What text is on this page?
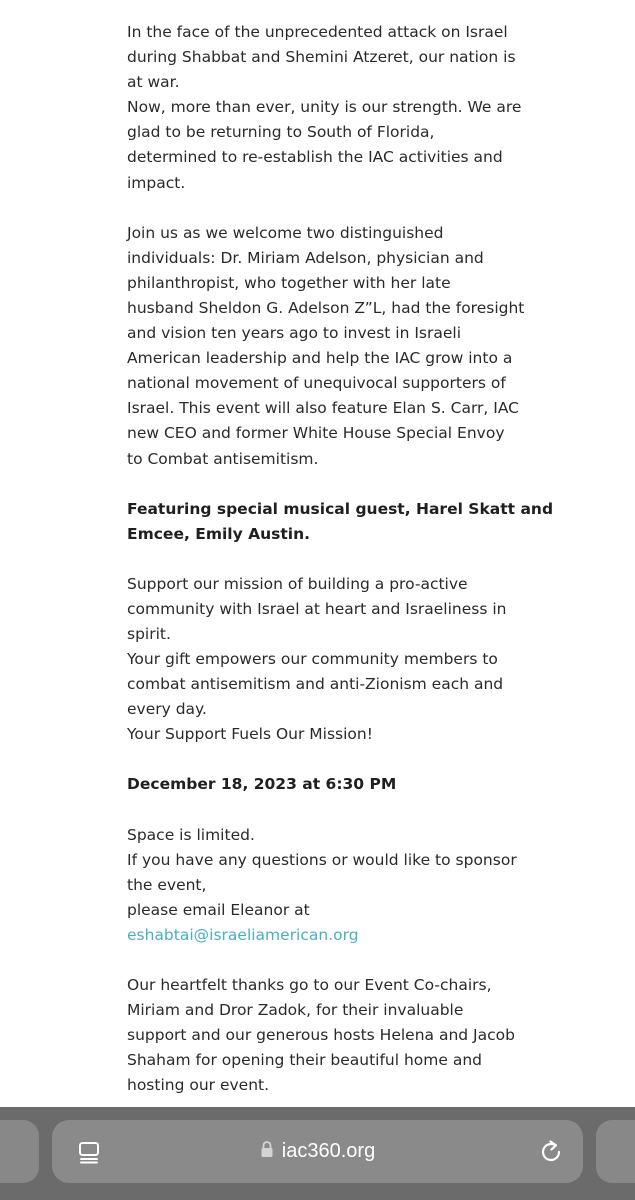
In the face of the unprecedented attack on Israel
during Shabbat and Shemini Atzeret, our nation is
at war.
Now, more than ever, unity is our strength. We are
glad to be returning to South of Florida,
determined to re-establish the IAC activities and
impact.

Join us as we welcome two distinguished
individuals: Dr. Miriam Adelson, physician and
philanthropist, who together with her late
husband Sheldon G. Adelson Z”L, had the foresight
and vision ten years ago to invest in Israeli
American leadership and help the IAC grow into a
national movement of unequivocal supporters of
Israel. This event will also feature Elan S. Carr, IAC
new CEO and former White House Special Envoy
to Combat antisemitism.

Featuring special musical guest, Harel Skatt and
Emcee, Emily Austin.

Support our mission of building a pro-active
community with Israel at heart and Israeliness in
spirit.
Your gift empowers our community members to
combat antisemitism and anti-Zionism each and
every day.
Your Support Fuels Our Mission!

December 18, 2023 at 6:30 PM

Space is limited.
If you have any questions or would like to sponsor
the event,
please email Eleanor at
eshabtai@israeliamerican.org

Our heartfelt thanks go to our Event Co-chairs,
Miriam and Dror Zadok, for their invaluable
support and our generous hosts Helena and Jacob
Shaham for opening their beautiful home and
hosting our event.

iac360.org
